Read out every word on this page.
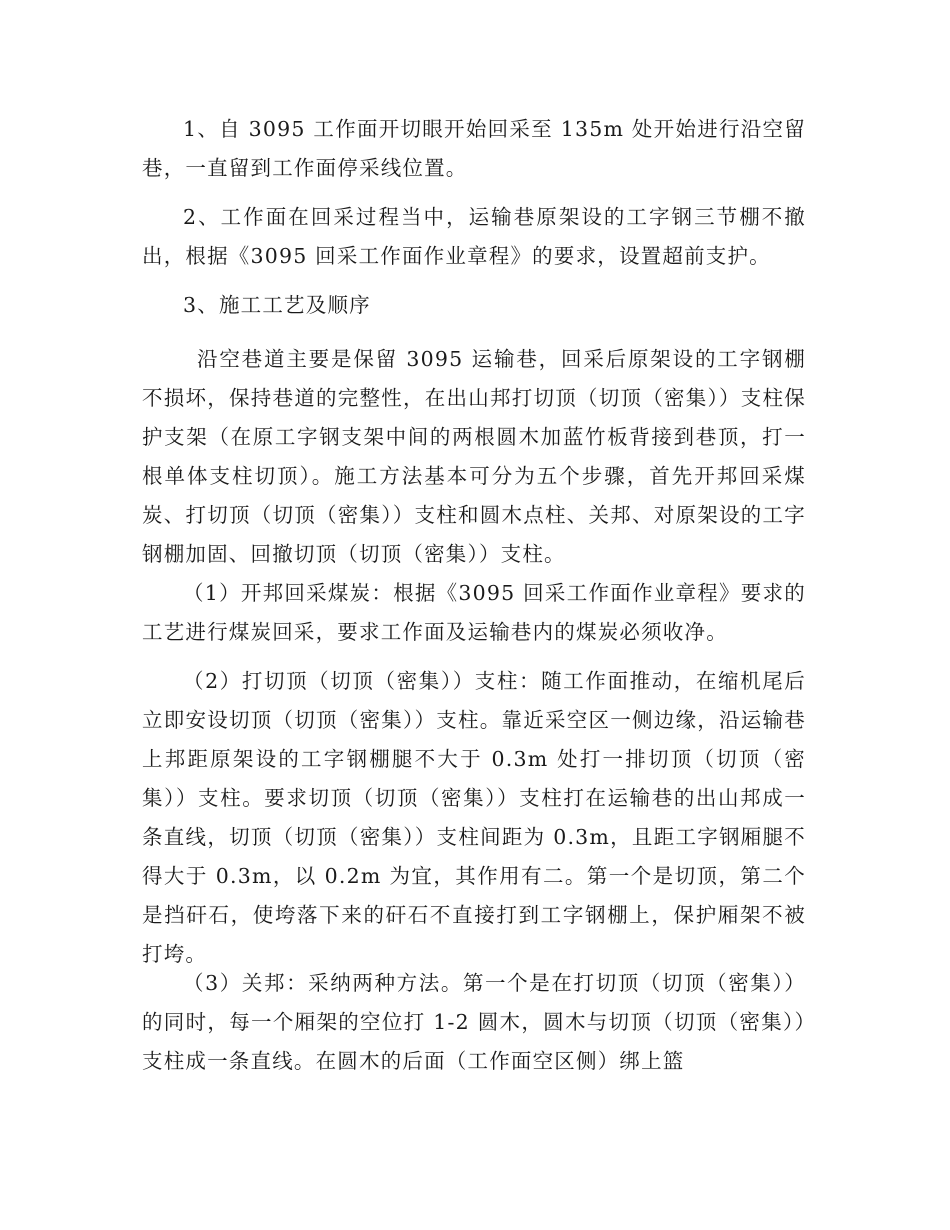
1、自 3095 工作面开切眼开始回采至 135m 处开始进行沿空留巷，一直留到工作面停采线位置。

2、工作面在回采过程当中，运输巷原架设的工字钢三节棚不撤出，根据《3095 回采工作面作业章程》的要求，设置超前支护。

3、施工工艺及顺序

沿空巷道主要是保留 3095 运输巷，回采后原架设的工字钢棚不损坏，保持巷道的完整性，在出山邦打切顶（切顶（密集））支柱保护支架（在原工字钢支架中间的两根圆木加蓝竹板背接到巷顶，打一根单体支柱切顶）。施工方法基本可分为五个步骤，首先开邦回采煤炭、打切顶（切顶（密集））支柱和圆木点柱、关邦、对原架设的工字钢棚加固、回撤切顶（切顶（密集））支柱。

（1）开邦回采煤炭：根据《3095 回采工作面作业章程》要求的工艺进行煤炭回采，要求工作面及运输巷内的煤炭必须收净。

（2）打切顶（切顶（密集））支柱：随工作面推动，在缩机尾后立即安设切顶（切顶（密集））支柱。靠近采空区一侧边缘，沿运输巷上邦距原架设的工字钢棚腿不大于 0.3m 处打一排切顶（切顶（密集））支柱。要求切顶（切顶（密集））支柱打在运输巷的出山邦成一条直线，切顶（切顶（密集））支柱间距为 0.3m，且距工字钢厢腿不得大于 0.3m，以 0.2m 为宜，其作用有二。第一个是切顶，第二个是挡矸石，使垮落下来的矸石不直接打到工字钢棚上，保护厢架不被打垮。

（3）关邦：采纳两种方法。第一个是在打切顶（切顶（密集））的同时，每一个厢架的空位打 1-2 圆木，圆木与切顶（切顶（密集））支柱成一条直线。在圆木的后面（工作面空区侧）绑上篮
